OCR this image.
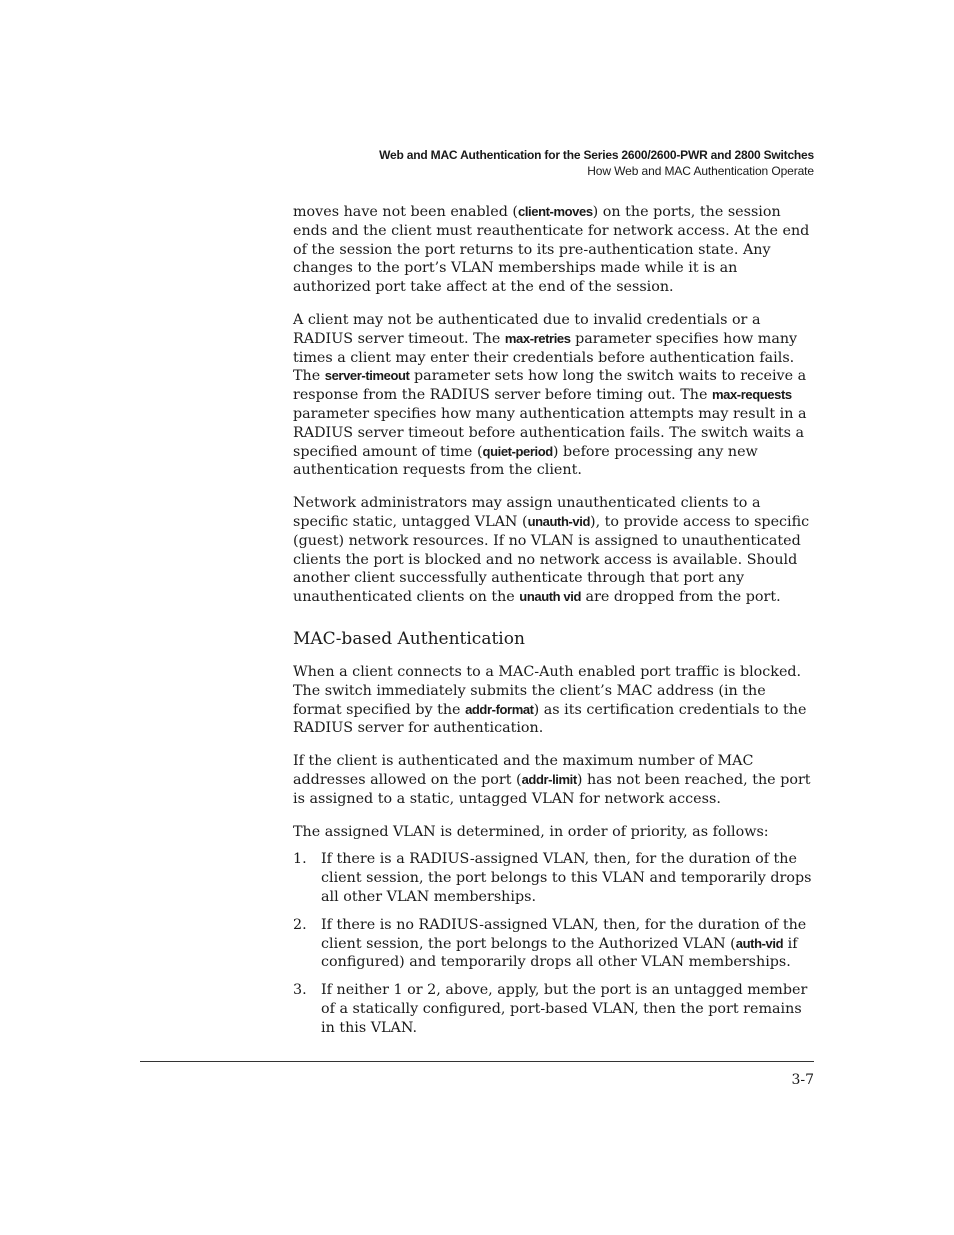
Web and MAC Authentication for the Series 2600/2600-PWR and 2800 Switches
How Web and MAC Authentication Operate

moves have not been enabled (client-moves) on the ports, the session ends and the client must reauthenticate for network access. At the end of the session the port returns to its pre-authentication state. Any changes to the port’s VLAN memberships made while it is an authorized port take affect at the end of the session.

A client may not be authenticated due to invalid credentials or a RADIUS server timeout. The max-retries parameter specifies how many times a client may enter their credentials before authentication fails. The server-timeout parameter sets how long the switch waits to receive a response from the RADIUS server before timing out. The max-requests parameter specifies how many authentication attempts may result in a RADIUS server timeout before authentication fails. The switch waits a specified amount of time (quiet-period) before processing any new authentication requests from the client.

Network administrators may assign unauthenticated clients to a specific static, untagged VLAN (unauth-vid), to provide access to specific (guest) network resources. If no VLAN is assigned to unauthenticated clients the port is blocked and no network access is available. Should another client successfully authenticate through that port any unauthenticated clients on the unauth vid are dropped from the port.

MAC-based Authentication

When a client connects to a MAC-Auth enabled port traffic is blocked. The switch immediately submits the client’s MAC address (in the format specified by the addr-format) as its certification credentials to the RADIUS server for authentication.

If the client is authenticated and the maximum number of MAC addresses allowed on the port (addr-limit) has not been reached, the port is assigned to a static, untagged VLAN for network access.

The assigned VLAN is determined, in order of priority, as follows:

1.	If there is a RADIUS-assigned VLAN, then, for the duration of the client session, the port belongs to this VLAN and temporarily drops all other VLAN memberships.
2.	If there is no RADIUS-assigned VLAN, then, for the duration of the client session, the port belongs to the Authorized VLAN (auth-vid if configured) and temporarily drops all other VLAN memberships.
3.	If neither 1 or 2, above, apply, but the port is an untagged member of a statically configured, port-based VLAN, then the port remains in this VLAN.
3-7
